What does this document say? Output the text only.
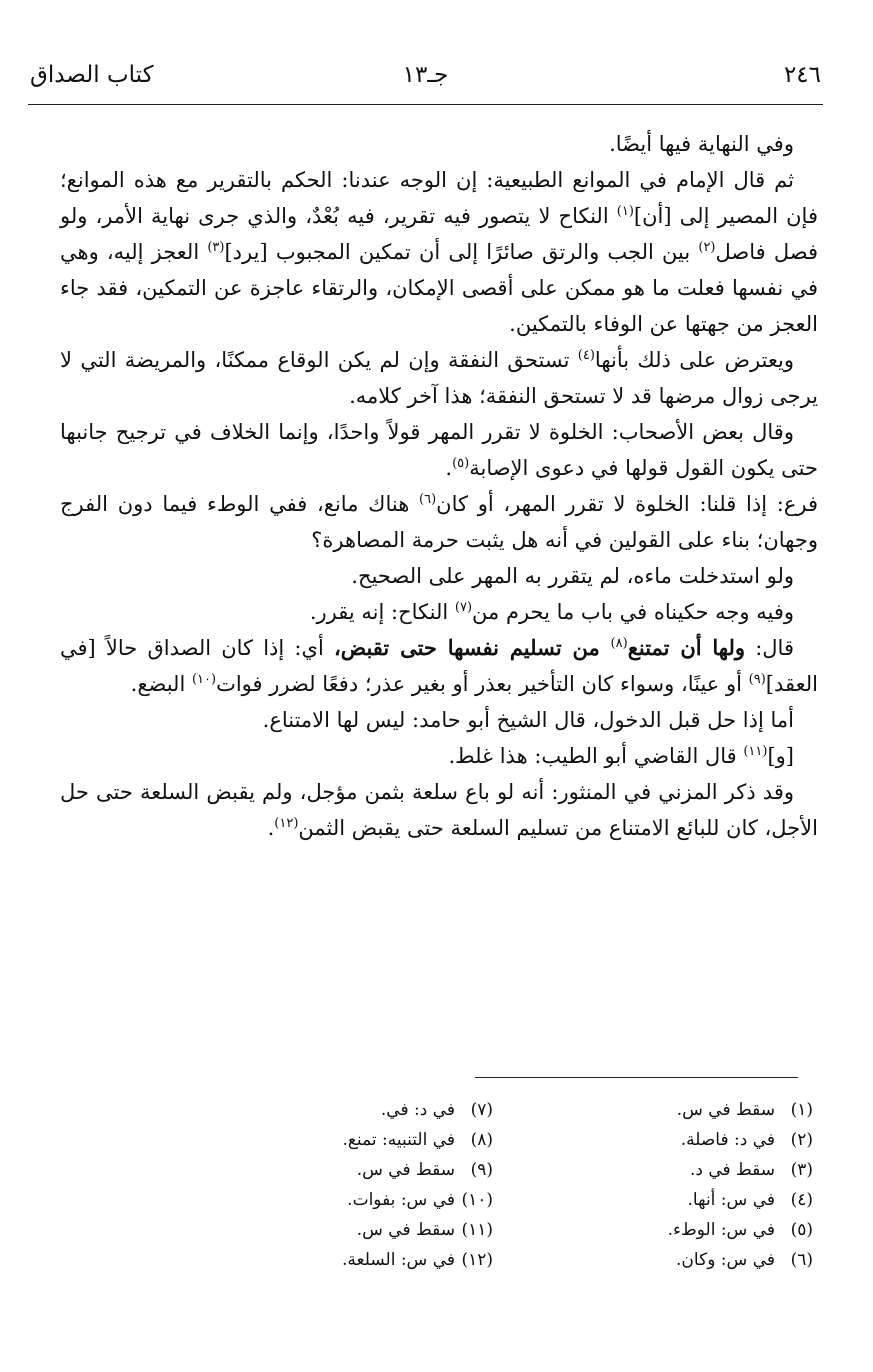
٢٤٦
جـ١٣
كتاب الصداق

وفي النهاية فيها أيضًا.

ثم قال الإمام في الموانع الطبيعية: إن الوجه عندنا: الحكم بالتقرير مع هذه الموانع؛ فإن المصير إلى [أن]$^{(١)}$ النكاح لا يتصور فيه تقرير، فيه بُعْدٌ، والذي جرى نهاية الأمر، ولو فصل فاصل$^{(٢)}$ بين الجب والرتق صائرًا إلى أن تمكين المجبوب [يرد]$^{(٣)}$ العجز إليه، وهي في نفسها فعلت ما هو ممكن على أقصى الإمكان، والرتقاء عاجزة عن التمكين، فقد جاء العجز من جهتها عن الوفاء بالتمكين.

ويعترض على ذلك بأنها$^{(٤)}$ تستحق النفقة وإن لم يكن الوقاع ممكنًا، والمريضة التي لا يرجى زوال مرضها قد لا تستحق النفقة؛ هذا آخر كلامه.

وقال بعض الأصحاب: الخلوة لا تقرر المهر قولاً واحدًا، وإنما الخلاف في ترجيح جانبها حتى يكون القول قولها في دعوى الإصابة$^{(٥)}$.

فرع: إذا قلنا: الخلوة لا تقرر المهر، أو كان$^{(٦)}$ هناك مانع، ففي الوطء فيما دون الفرج وجهان؛ بناء على القولين في أنه هل يثبت حرمة المصاهرة؟

ولو استدخلت ماءه، لم يتقرر به المهر على الصحيح.

وفيه وجه حكيناه في باب ما يحرم من$^{(٧)}$ النكاح: إنه يقرر.

قال: ولها أن تمتنع$^{(٨)}$ من تسليم نفسها حتى تقبض، أي: إذا كان الصداق حالاً [في العقد]$^{(٩)}$ أو عينًا، وسواء كان التأخير بعذر أو بغير عذر؛ دفعًا لضرر فوات$^{(١٠)}$ البضع.

أما إذا حل قبل الدخول، قال الشيخ أبو حامد: ليس لها الامتناع.

[و]$^{(١١)}$ قال القاضي أبو الطيب: هذا غلط.

وقد ذكر المزني في المنثور: أنه لو باع سلعة بثمن مؤجل، ولم يقبض السلعة حتى حل الأجل، كان للبائع الامتناع من تسليم السلعة حتى يقبض الثمن$^{(١٢)}$.

(١)سقط في س.
(٢)في د: فاصلة.
(٣)سقط في د.
(٤)في س: أنها.
(٥)في س: الوطء.
(٦)في س: وكان.
(٧)في د: في.
(٨)في التنبيه: تمنع.
(٩)سقط في س.
(١٠)في س: بفوات.
(١١)سقط في س.
(١٢)في س: السلعة.
